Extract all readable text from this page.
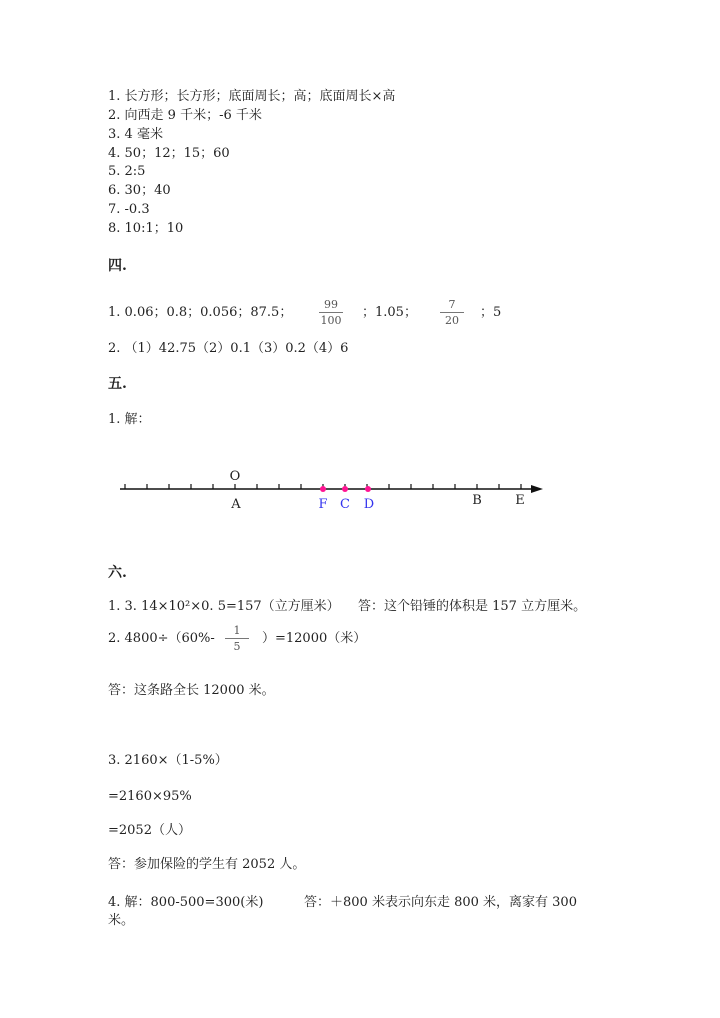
1. 长方形；长方形；底面周长；高；底面周长×高
2. 向西走 9 千米；-6 千米
3. 4 毫米
4. 50；12；15；60
5. 2:5
6. 30；40
7. -0.3
8. 10:1；10
四.
1. 0.06；0.8；0.056；87.5；
99
100
；1.05；
7
20
；5
2. （1）42.75（2）0.1（3）0.2（4）6
五.
1. 解：
O
A	F C D	B	E
六.
1. 3. 14×10²×0. 5=157（立方厘米） 答：这个铅锤的体积是 157 立方厘米。
2. 4800÷（60%-
1
5
）=12000（米）
答：这条路全长 12000 米。
3. 2160×（1-5%）
=2160×95%
=2052（人）
答：参加保险的学生有 2052 人。
4. 解：800-500=300(米)	答：＋800 米表示向东走 800 米，离家有 300
米。
